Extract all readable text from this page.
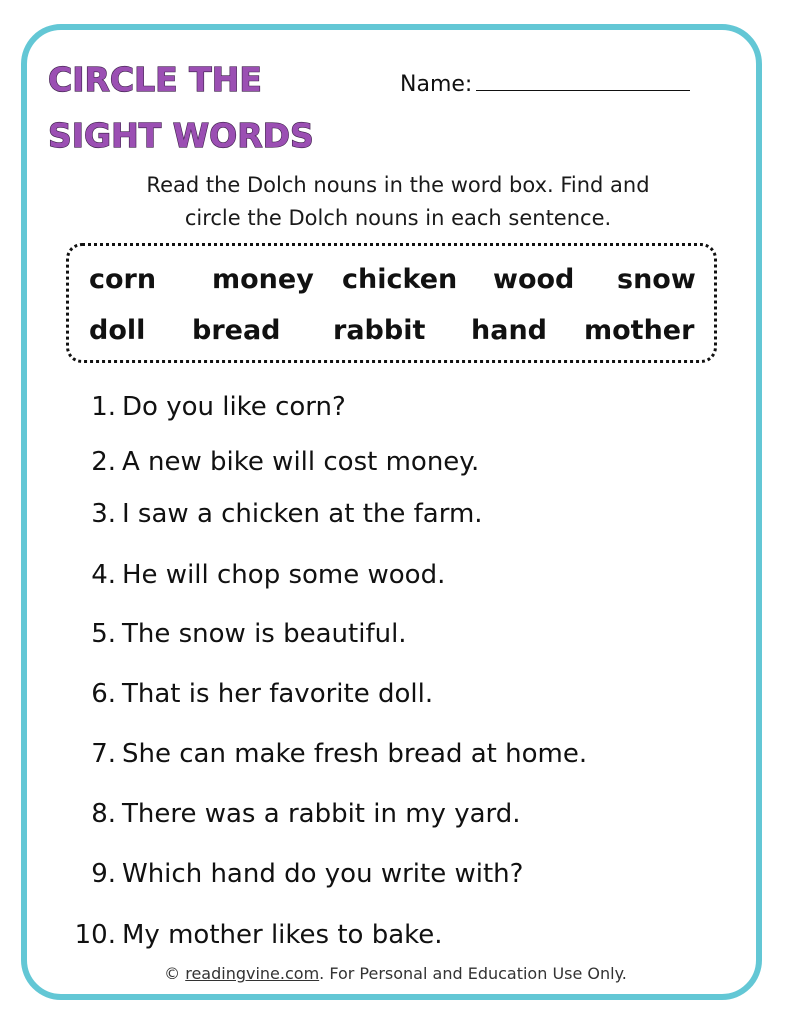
CIRCLE THE
SIGHT WORDS
Name:
Read the Dolch nouns in the word box. Find and
circle the Dolch nouns in each sentence.
corn money chicken wood snow
doll bread rabbit hand mother
1. Do you like corn?
2. A new bike will cost money.
3. I saw a chicken at the farm.
4. He will chop some wood.
5. The snow is beautiful.
6. That is her favorite doll.
7. She can make fresh bread at home.
8. There was a rabbit in my yard.
9. Which hand do you write with?
10. My mother likes to bake.
© readingvine.com. For Personal and Education Use Only.
